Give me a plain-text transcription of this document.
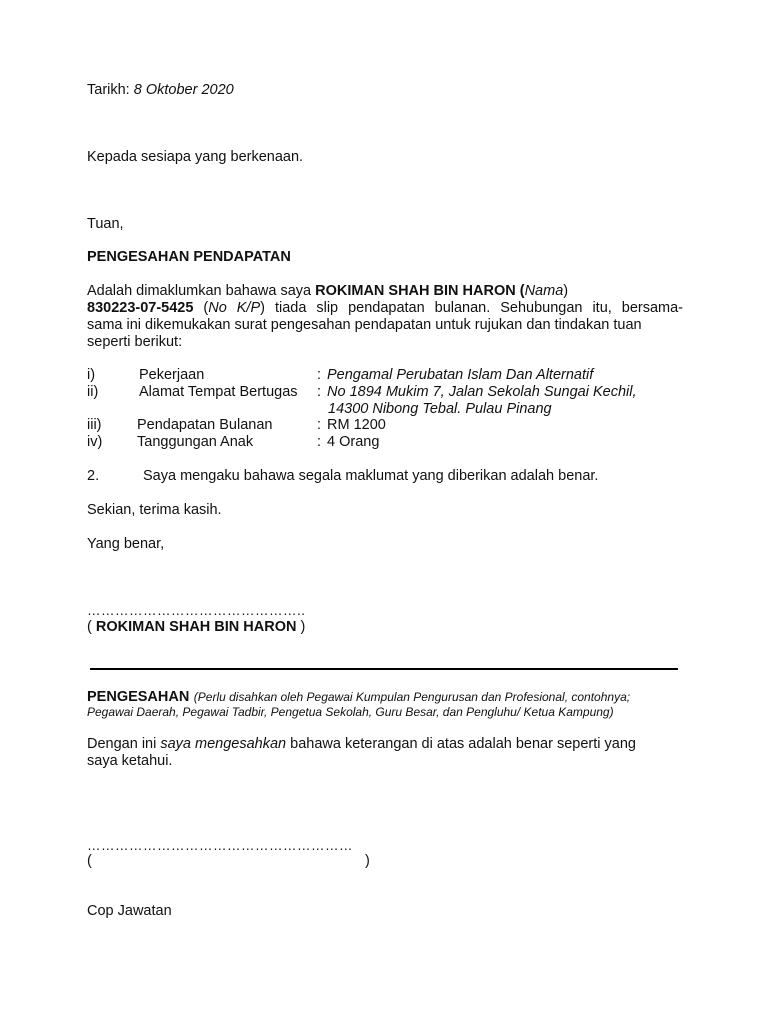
Tarikh: 8 Oktober 2020
Kepada sesiapa yang berkenaan.
Tuan,
PENGESAHAN PENDAPATAN
Adalah dimaklumkan bahawa saya ROKIMAN SHAH BIN HARON (Nama)
830223-07-5425 (No K/P) tiada slip pendapatan bulanan. Sehubungan itu, bersama-
sama ini dikemukakan surat pengesahan pendapatan untuk rujukan dan tindakan tuan
seperti berikut:
i)	Pekerjaan	: Pengamal Perubatan Islam Dan Alternatif
ii)	Alamat Tempat Bertugas : No 1894 Mukim 7, Jalan Sekolah Sungai Kechil,
14300 Nibong Tebal. Pulau Pinang
iii) Pendapatan Bulanan	: RM 1200
iv) Tanggungan Anak	: 4 Orang
2.	Saya mengaku bahawa segala maklumat yang diberikan adalah benar.
Sekian, terima kasih.
Yang benar,
………………………………………..
( ROKIMAN SHAH BIN HARON )
PENGESAHAN (Perlu disahkan oleh Pegawai Kumpulan Pengurusan dan Profesional, contohnya;
Pegawai Daerah, Pegawai Tadbir, Pengetua Sekolah, Guru Besar, dan Pengluhu/ Ketua Kampung)
Dengan ini saya mengesahkan bahawa keterangan di atas adalah benar seperti yang
saya ketahui.
…………………………………………………
(	)
Cop Jawatan
